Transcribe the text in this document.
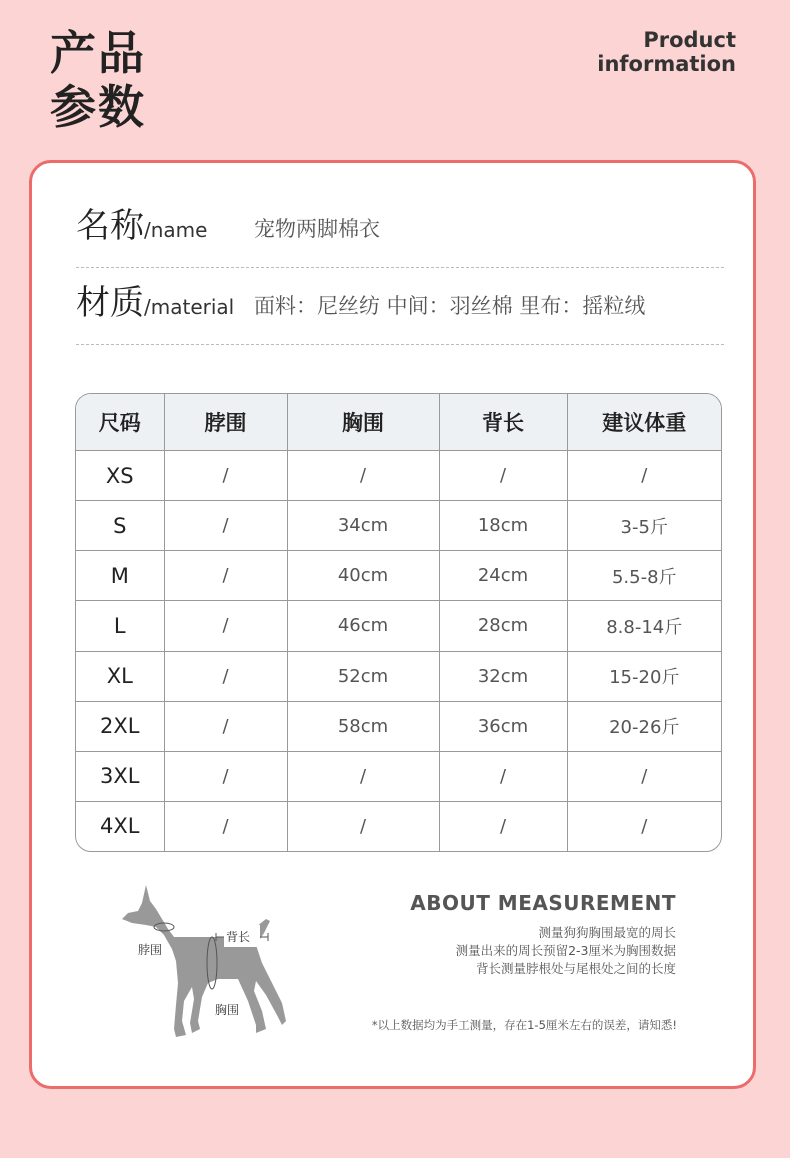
产品
参数
Product
information
名称/name 宠物两脚棉衣
材质/material 面料：尼丝纺 中间：羽丝棉 里布：摇粒绒
尺码	脖围	胸围	背长	建议体重
XS	/	/	/	/
S	/	34cm	18cm	3-5斤
M	/	40cm	24cm	5.5-8斤
L	/	46cm	28cm	8.8-14斤
XL	/	52cm	32cm	15-20斤
2XL	/	58cm	36cm	20-26斤
3XL	/	/	/	/
4XL	/	/	/	/
脖围
背长
胸围
ABOUT MEASUREMENT
测量狗狗胸围最宽的周长
测量出来的周长预留2-3厘米为胸围数据
背长测量脖根处与尾根处之间的长度
*以上数据均为手工测量，存在1-5厘米左右的误差，请知悉!
